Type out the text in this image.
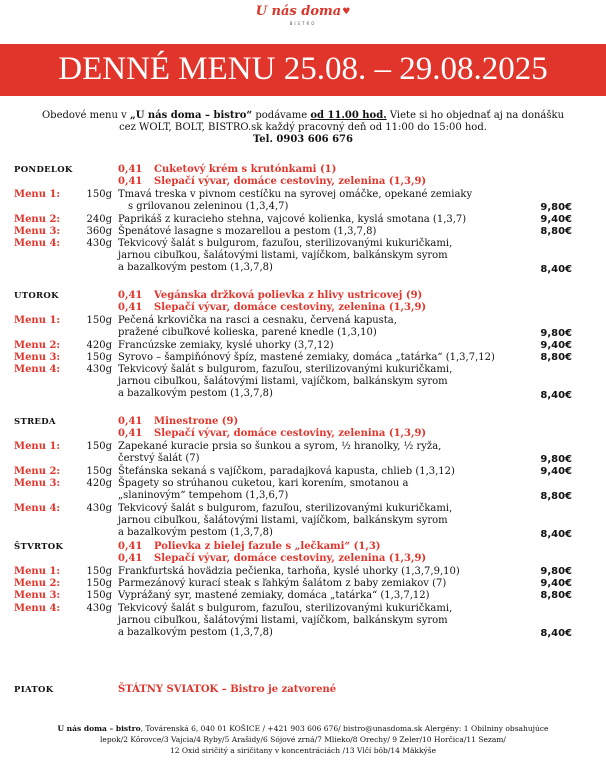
U nás doma♥
BISTRO
DENNÉ MENU 25.08. – 29.08.2025
Obedové menu v „U nás doma – bistro“ podávame od 11.00 hod. Viete si ho objednať aj na donášku
cez WOLT, BOLT, BISTRO.sk každý pracovný deň od 11:00 do 15:00 hod.
Tel. 0903 606 676
PONDELOK	0,41 Cuketový krém s krutónkami (1)
0,41 Slepačí vývar, domáce cestoviny, zelenina (1,3,9)
Menu 1:	150g Tmavá treska v pivnom cestíčku na syrovej omáčke, opekané zemiaky
s grilovanou zeleninou (1,3,4,7)	9,80€
Menu 2:	240g Paprikáš z kuracieho stehna, vajcové kolienka, kyslá smotana (1,3,7)	9,40€
Menu 3:	360g Špenátové lasagne s mozarellou a pestom (1,3,7,8)	8,80€
Menu 4:	430g Tekvicový šalát s bulgurom, fazuľou, sterilizovanými kukuričkami,
jarnou cibuľkou, šalátovými listami, vajíčkom, balkánskym syrom
a bazalkovým pestom (1,3,7,8)	8,40€
UTOROK	0,41 Vegánska držková polievka z hlivy ustricovej (9)
0,41 Slepačí vývar, domáce cestoviny, zelenina (1,3,9)
Menu 1:	150g Pečená krkovička na rasci a cesnaku, červená kapusta,
pražené cibuľkové kolieska, parené knedle (1,3,10)	9,80€
Menu 2:	420g Francúzske zemiaky, kyslé uhorky (3,7,12)	9,40€
Menu 3:	150g Syrovo – šampiňónový špíz, mastené zemiaky, domáca „tatárka“ (1,3,7,12)	8,80€
Menu 4:	430g Tekvicový šalát s bulgurom, fazuľou, sterilizovanými kukuričkami,
jarnou cibuľkou, šalátovými listami, vajíčkom, balkánskym syrom
a bazalkovým pestom (1,3,7,8)	8,40€
STREDA	0,41 Minestrone (9)
0,41 Slepačí vývar, domáce cestoviny, zelenina (1,3,9)
Menu 1:	150g Zapekané kuracie prsia so šunkou a syrom, ½ hranolky, ½ ryža,
čerstvý šalát (7)	9,80€
Menu 2:	150g Štefánska sekaná s vajíčkom, paradajková kapusta, chlieb (1,3,12)	9,40€
Menu 3:	420g Špagety so strúhanou cuketou, kari korením, smotanou a
„slaninovým“ tempehom (1,3,6,7)	8,80€
Menu 4:	430g Tekvicový šalát s bulgurom, fazuľou, sterilizovanými kukuričkami,
jarnou cibuľkou, šalátovými listami, vajíčkom, balkánskym syrom
a bazalkovým pestom (1,3,7,8)	8,40€
ŠTVRTOK	0,41 Polievka z bielej fazule s „lečkami“ (1,3)
0,41 Slepačí vývar, domáce cestoviny, zelenina (1,3,9)
Menu 1:	150g Frankfurtská hovädzia pečienka, tarhoňa, kyslé uhorky (1,3,7,9,10)	9,80€
Menu 2:	150g Parmezánový kurací steak s ľahkým šalátom z baby zemiakov (7)	9,40€
Menu 3:	150g Vyprážaný syr, mastené zemiaky, domáca „tatárka“ (1,3,7,12)	8,80€
Menu 4:	430g Tekvicový šalát s bulgurom, fazuľou, sterilizovanými kukuričkami,
jarnou cibuľkou, šalátovými listami, vajíčkom, balkánskym syrom
a bazalkovým pestom (1,3,7,8)	8,40€
PIATOK	ŠTÁTNY SVIATOK – Bistro je zatvorené
U nás doma – bistro, Továrenská 6, 040 01 KOŠICE / +421 903 606 676/ bistro@unasdoma.sk Alergény: 1 Obilniny obsahujúce
lepok/2 Kôrovce/3 Vajcia/4 Ryby/5 Arašidy/6 Sójové zrná/7 Mlieko/8 Orechy/ 9 Zeler/10 Horčica/11 Sezam/
12 Oxid siričitý a siričitany v koncentráciách /13 Vlčí bôb/14 Mäkkýše
